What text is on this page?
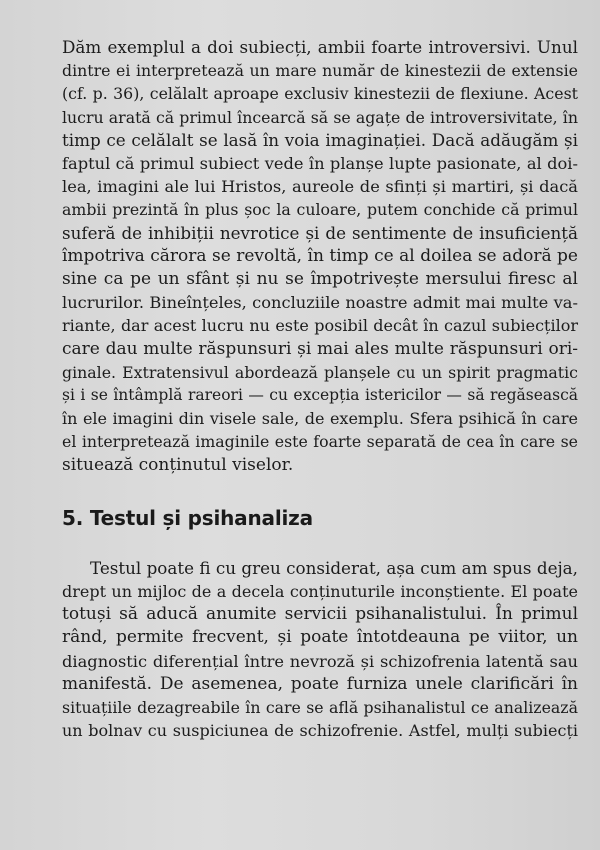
Dăm exemplul a doi subiecți, ambii foarte introversivi. Unul
dintre ei interpretează un mare număr de kinestezii de extensie
(cf. p. 36), celălalt aproape exclusiv kinestezii de flexiune. Acest
lucru arată că primul încearcă să se agațe de introversivitate, în
timp ce celălalt se lasă în voia imaginației. Dacă adăugăm și
faptul că primul subiect vede în planșe lupte pasionate, al doi-
lea, imagini ale lui Hristos, aureole de sfinți și martiri, și dacă
ambii prezintă în plus șoc la culoare, putem conchide că primul
suferă de inhibiții nevrotice și de sentimente de insuficiență
împotriva cărora se revoltă, în timp ce al doilea se adoră pe
sine ca pe un sfânt și nu se împotrivește mersului firesc al
lucrurilor. Bineînțeles, concluziile noastre admit mai multe va-
riante, dar acest lucru nu este posibil decât în cazul subiecților
care dau multe răspunsuri și mai ales multe răspunsuri ori-
ginale. Extratensivul abordează planșele cu un spirit pragmatic
și i se întâmplă rareori — cu excepția istericilor — să regăsească
în ele imagini din visele sale, de exemplu. Sfera psihică în care
el interpretează imaginile este foarte separată de cea în care se
situează conținutul viselor.
5. Testul și psihanaliza
Testul poate fi cu greu considerat, așa cum am spus deja,
drept un mijloc de a decela conținuturile inconștiente. El poate
totuși să aducă anumite servicii psihanalistului. În primul
rând, permite frecvent, și poate întotdeauna pe viitor, un
diagnostic diferențial între nevroză și schizofrenia latentă sau
manifestă. De asemenea, poate furniza unele clarificări în
situațiile dezagreabile în care se află psihanalistul ce analizează
un bolnav cu suspiciunea de schizofrenie. Astfel, mulți subiecți
